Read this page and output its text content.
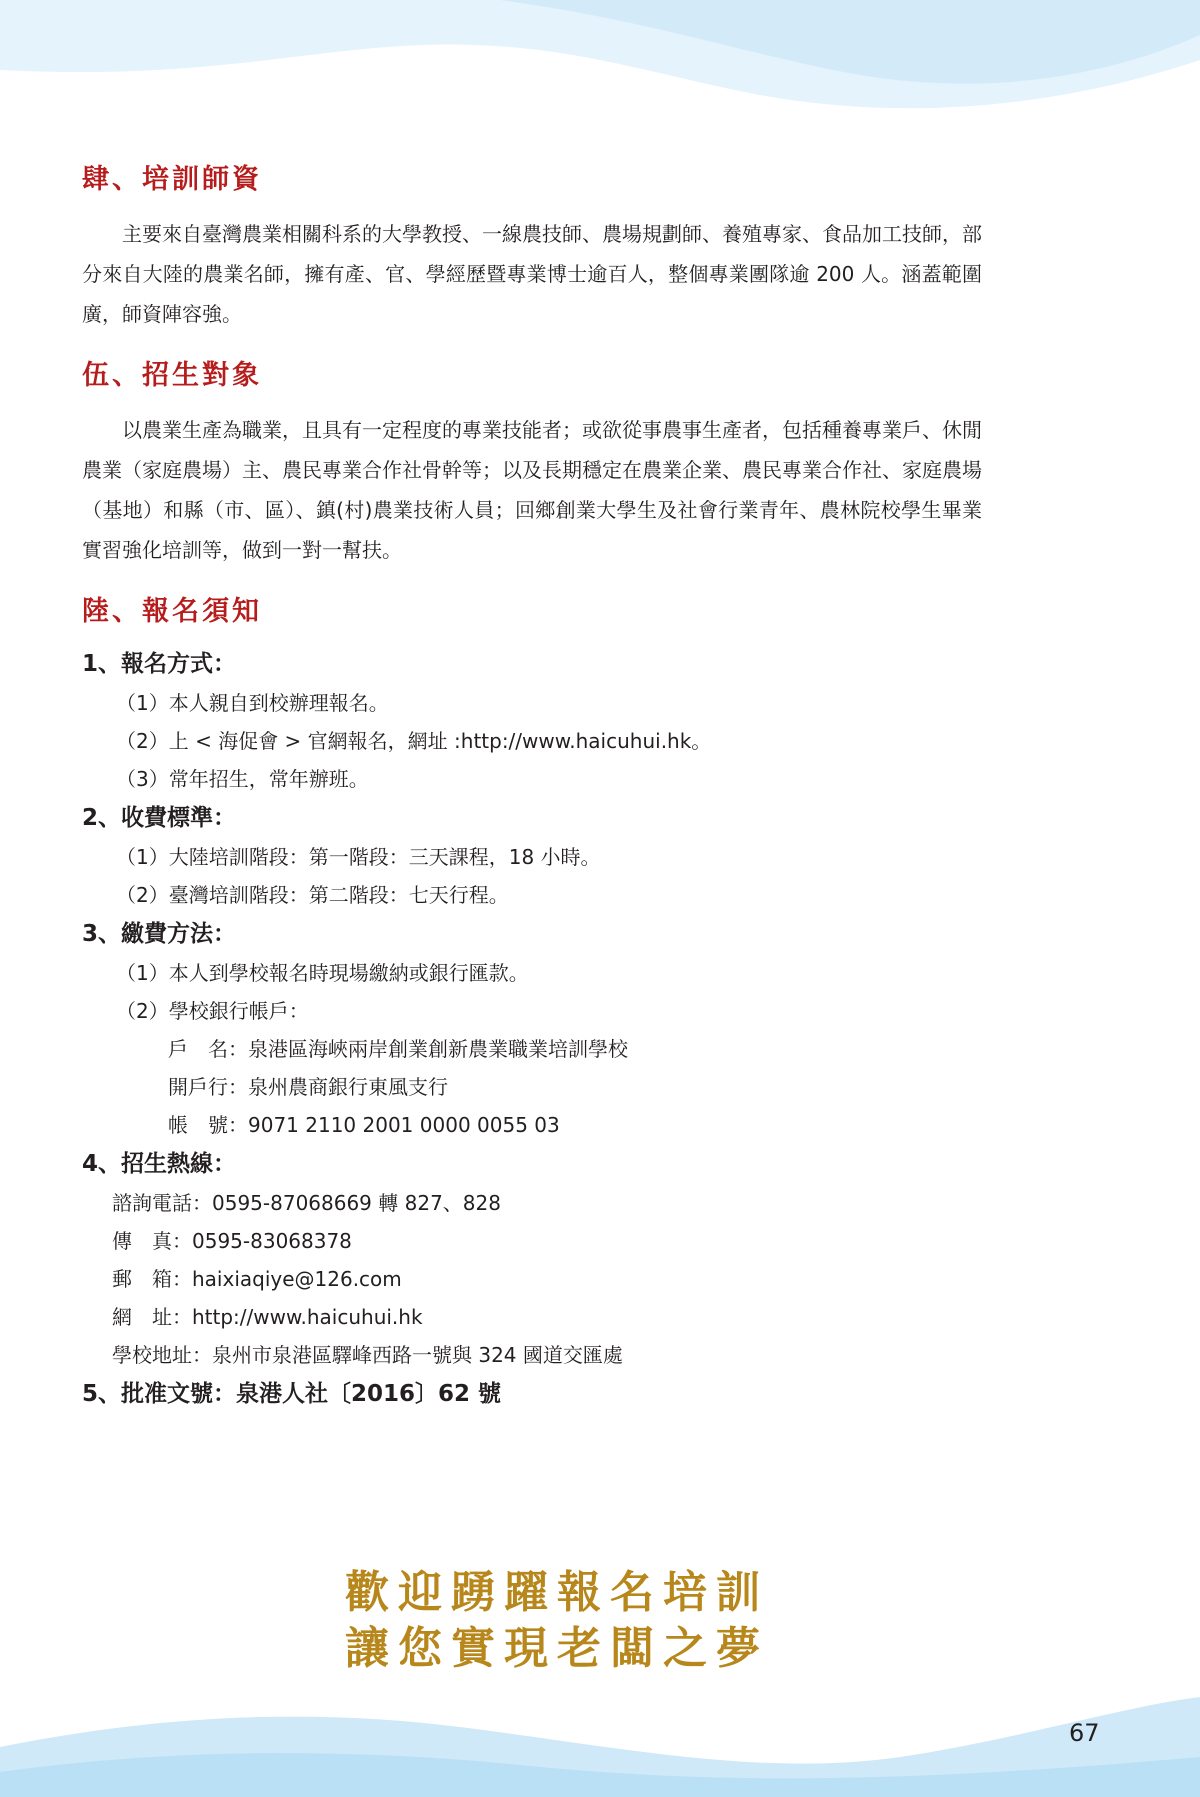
肆、培訓師資

主要來自臺灣農業相關科系的大學教授、一線農技師、農場規劃師、養殖專家、食品加工技師，部分來自大陸的農業名師，擁有產、官、學經歷暨專業博士逾百人，整個專業團隊逾 200 人。涵蓋範圍廣，師資陣容強。

伍、招生對象

以農業生產為職業，且具有一定程度的專業技能者；或欲從事農事生產者，包括種養專業戶、休閒農業（家庭農場）主、農民專業合作社骨幹等；以及長期穩定在農業企業、農民專業合作社、家庭農場（基地）和縣（市、區）、鎮(村)農業技術人員；回鄉創業大學生及社會行業青年、農林院校學生畢業實習強化培訓等，做到一對一幫扶。

陸、報名須知
1、報名方式：

（1）本人親自到校辦理報名。

（2）上 < 海促會 > 官網報名，網址 :http://www.haicuhui.hk。

（3）常年招生，常年辦班。

2、收費標準：

（1）大陸培訓階段：第一階段：三天課程，18 小時。

（2）臺灣培訓階段：第二階段：七天行程。

3、繳費方法：

（1）本人到學校報名時現場繳納或銀行匯款。

（2）學校銀行帳戶：

戶　名：泉港區海峽兩岸創業創新農業職業培訓學校

開戶行：泉州農商銀行東風支行

帳　號：9071 2110 2001 0000 0055 03

4、招生熱線：

諮詢電話：0595-87068669 轉 827、828

傳　真：0595-83068378

郵　箱：haixiaqiye@126.com

網　址：http://www.haicuhui.hk

學校地址：泉州市泉港區驛峰西路一號與 324 國道交匯處

5、批准文號：泉港人社〔2016〕62 號
歡迎踴躍報名培訓
讓您實現老闆之夢
67
